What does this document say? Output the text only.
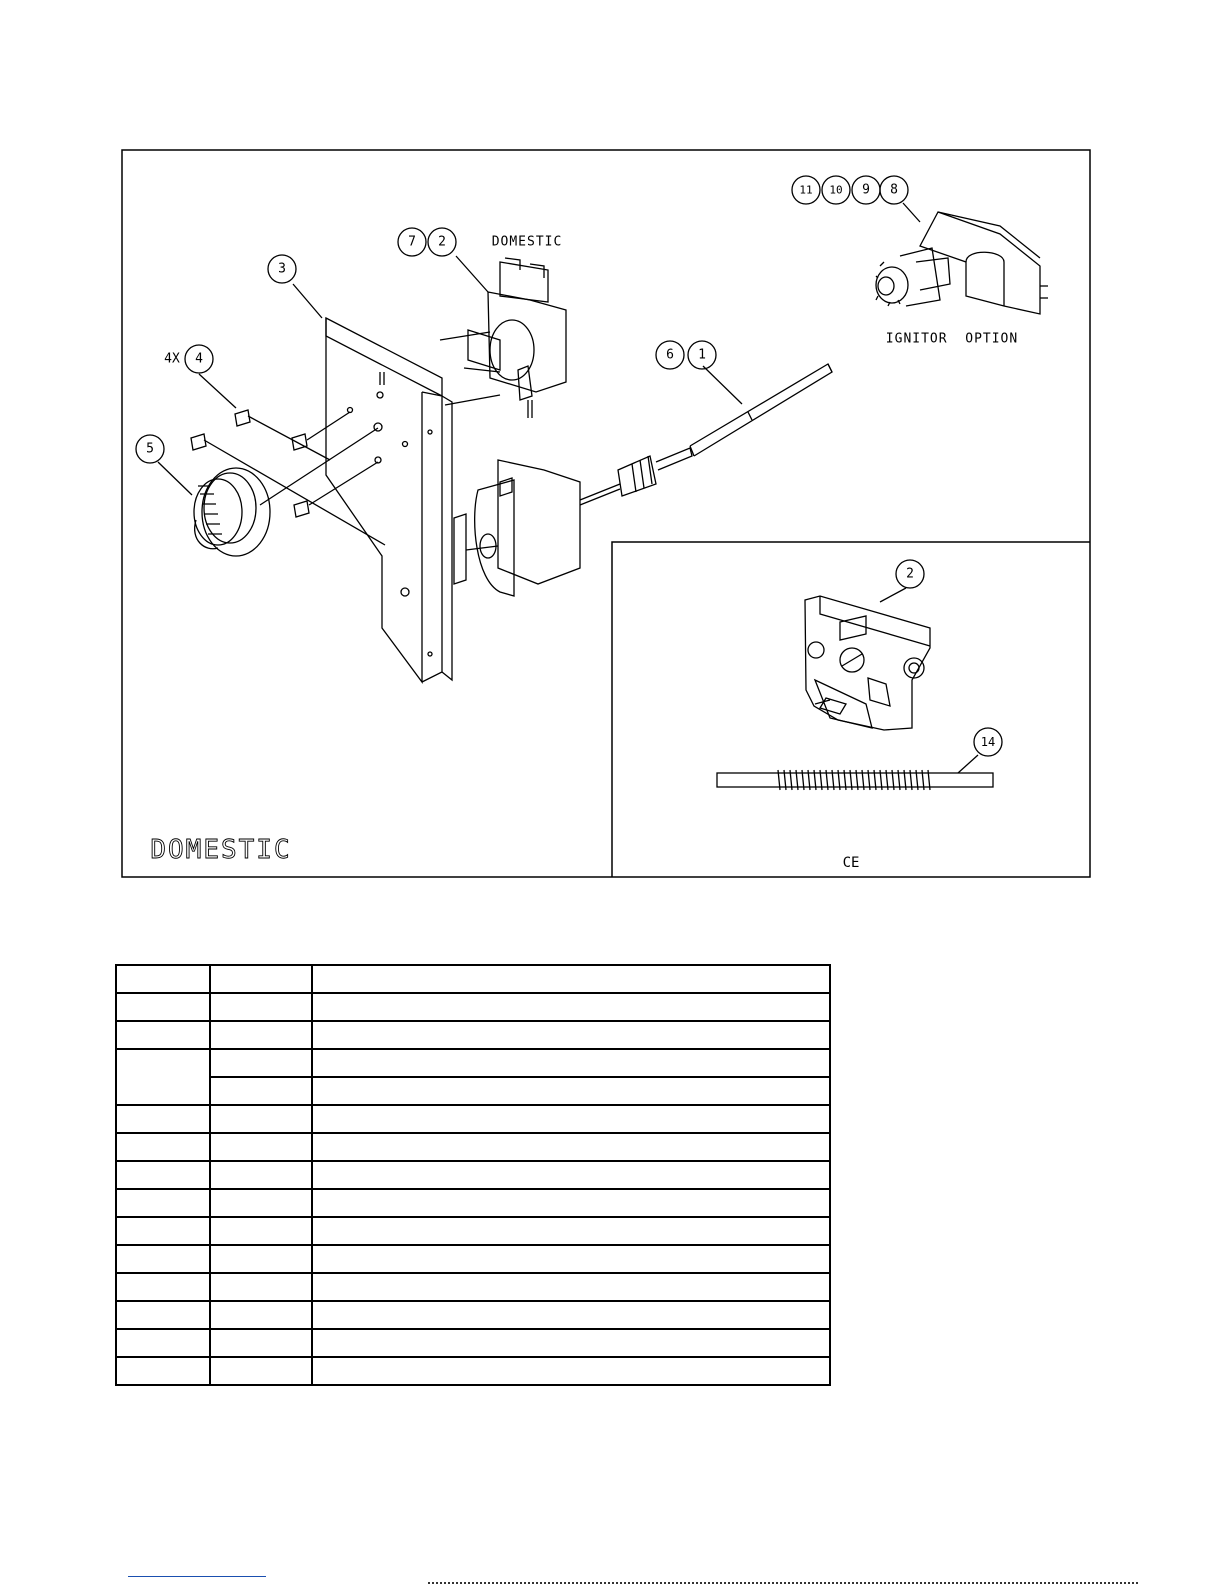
3
4
5
6 1
7 2
11 10 9 8
2
14
4X
DOMESTIC
IGNITOR  OPTION
CE
DOMESTIC
